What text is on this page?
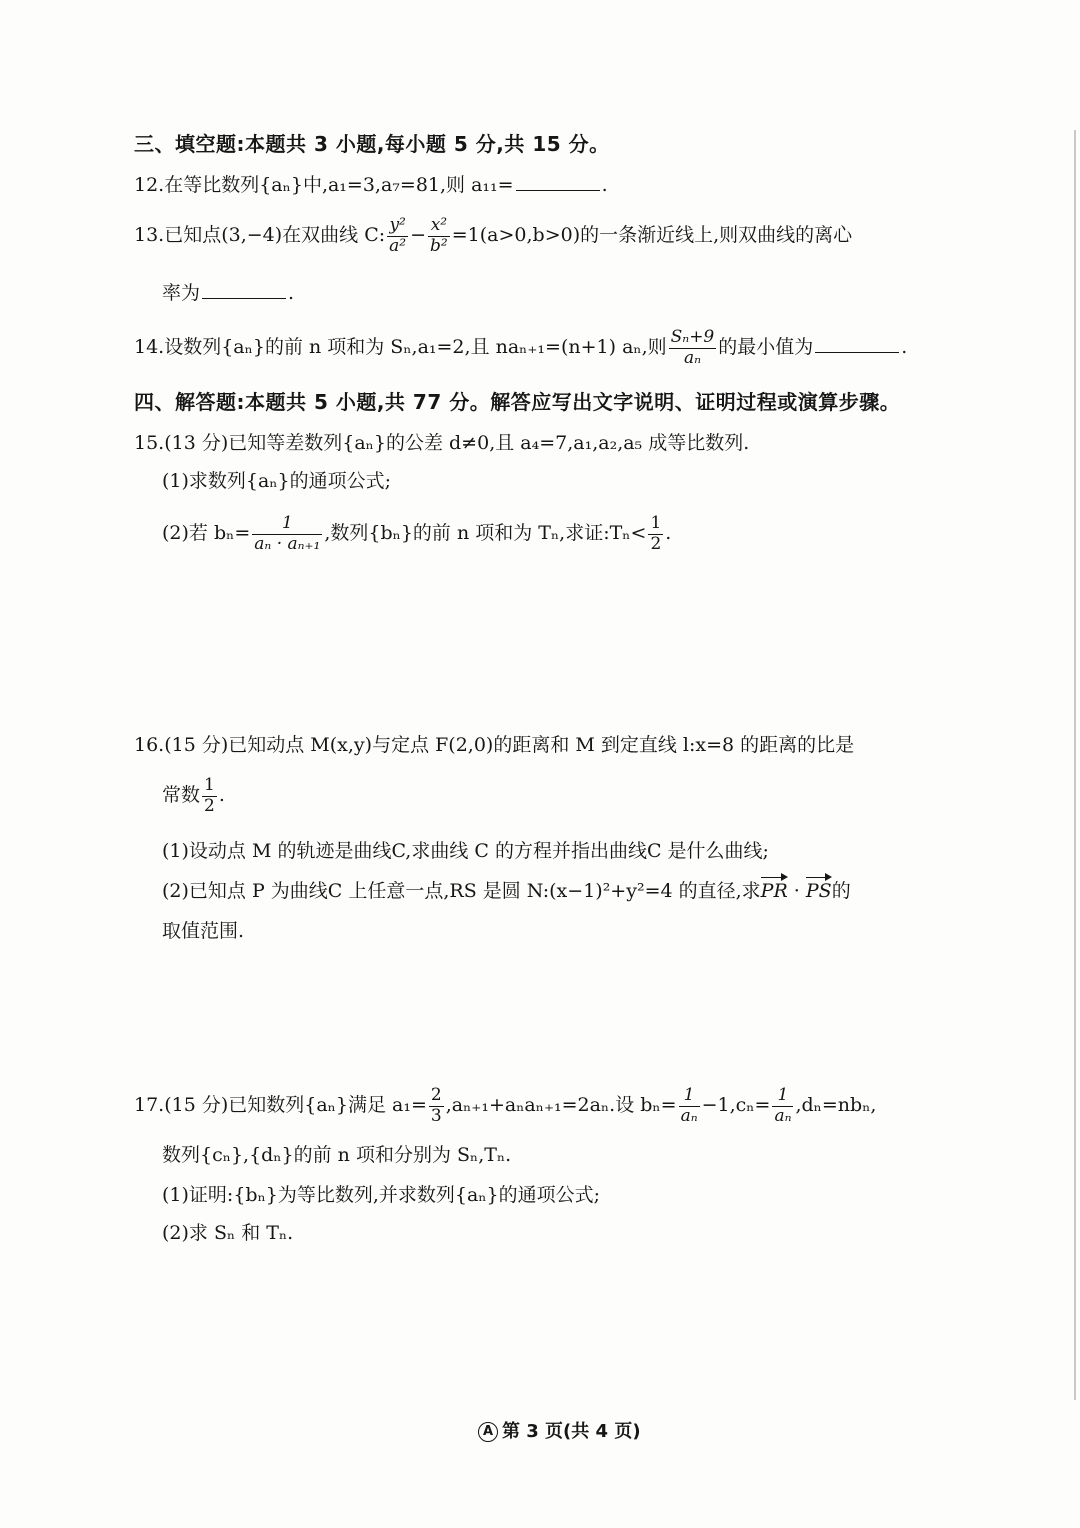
三、填空题:本题共 3 小题,每小题 5 分,共 15 分。
12.在等比数列{aₙ}中,a₁=3,a₇=81,则 a₁₁=	.
13.已知点(3,−4)在双曲线 C: $\frac{\text{y²}}{\text{a²}} - \frac{\text{x²}}{\text{b²}} =1(a>0,b>0)$的一条渐近线上,则双曲线的离心
率为	.
14.设数列{aₙ}的前 n 项和为 Sₙ,a₁=2,且 naₙ₊₁=(n+1) aₙ,则 $\frac{\text{Sₙ+9}}{\text{aₙ}}$ 的最小值为	.
四、解答题:本题共 5 小题,共 77 分。解答应写出文字说明、证明过程或演算步骤。
15.(13 分)已知等差数列{aₙ}的公差 d≠0,且 a₄=7,a₁,a₂,a₅ 成等比数列.
(1)求数列{aₙ}的通项公式;
(2)若 $b_n= \frac{1}{\text{aₙ · aₙ₊₁}}$ ,数列{bₙ}的前 n 项和为 Tₙ,求证:Tₙ< $\frac{1}{2}$ .
16.(15 分)已知动点 M(x,y)与定点 F(2,0)的距离和 M 到定直线 l:x=8 的距离的比是
常数 $\frac{1}{2}$ .
(1)设动点 M 的轨迹是曲线C,求曲线 C 的方程并指出曲线C 是什么曲线;
(2)已知点 P 为曲线C 上任意一点,RS 是圆 N:(x−1)²+y²=4 的直径,求PR · PS的
取值范围.
17.(15 分)已知数列{aₙ}满足 $a_1= \frac{2}{3} ,a_{n+1}+a_na_{n+1}=2a_n$.设 $b_n= \frac{1}{\text{aₙ}} -1,c_n= \frac{1}{\text{aₙ}} ,d_n=nb_n$,
数列{cₙ},{dₙ}的前 n 项和分别为 Sₙ,Tₙ.
(1)证明:{bₙ}为等比数列,并求数列{aₙ}的通项公式;
(2)求 Sₙ 和 Tₙ.
A 第 3 页(共 4 页)
